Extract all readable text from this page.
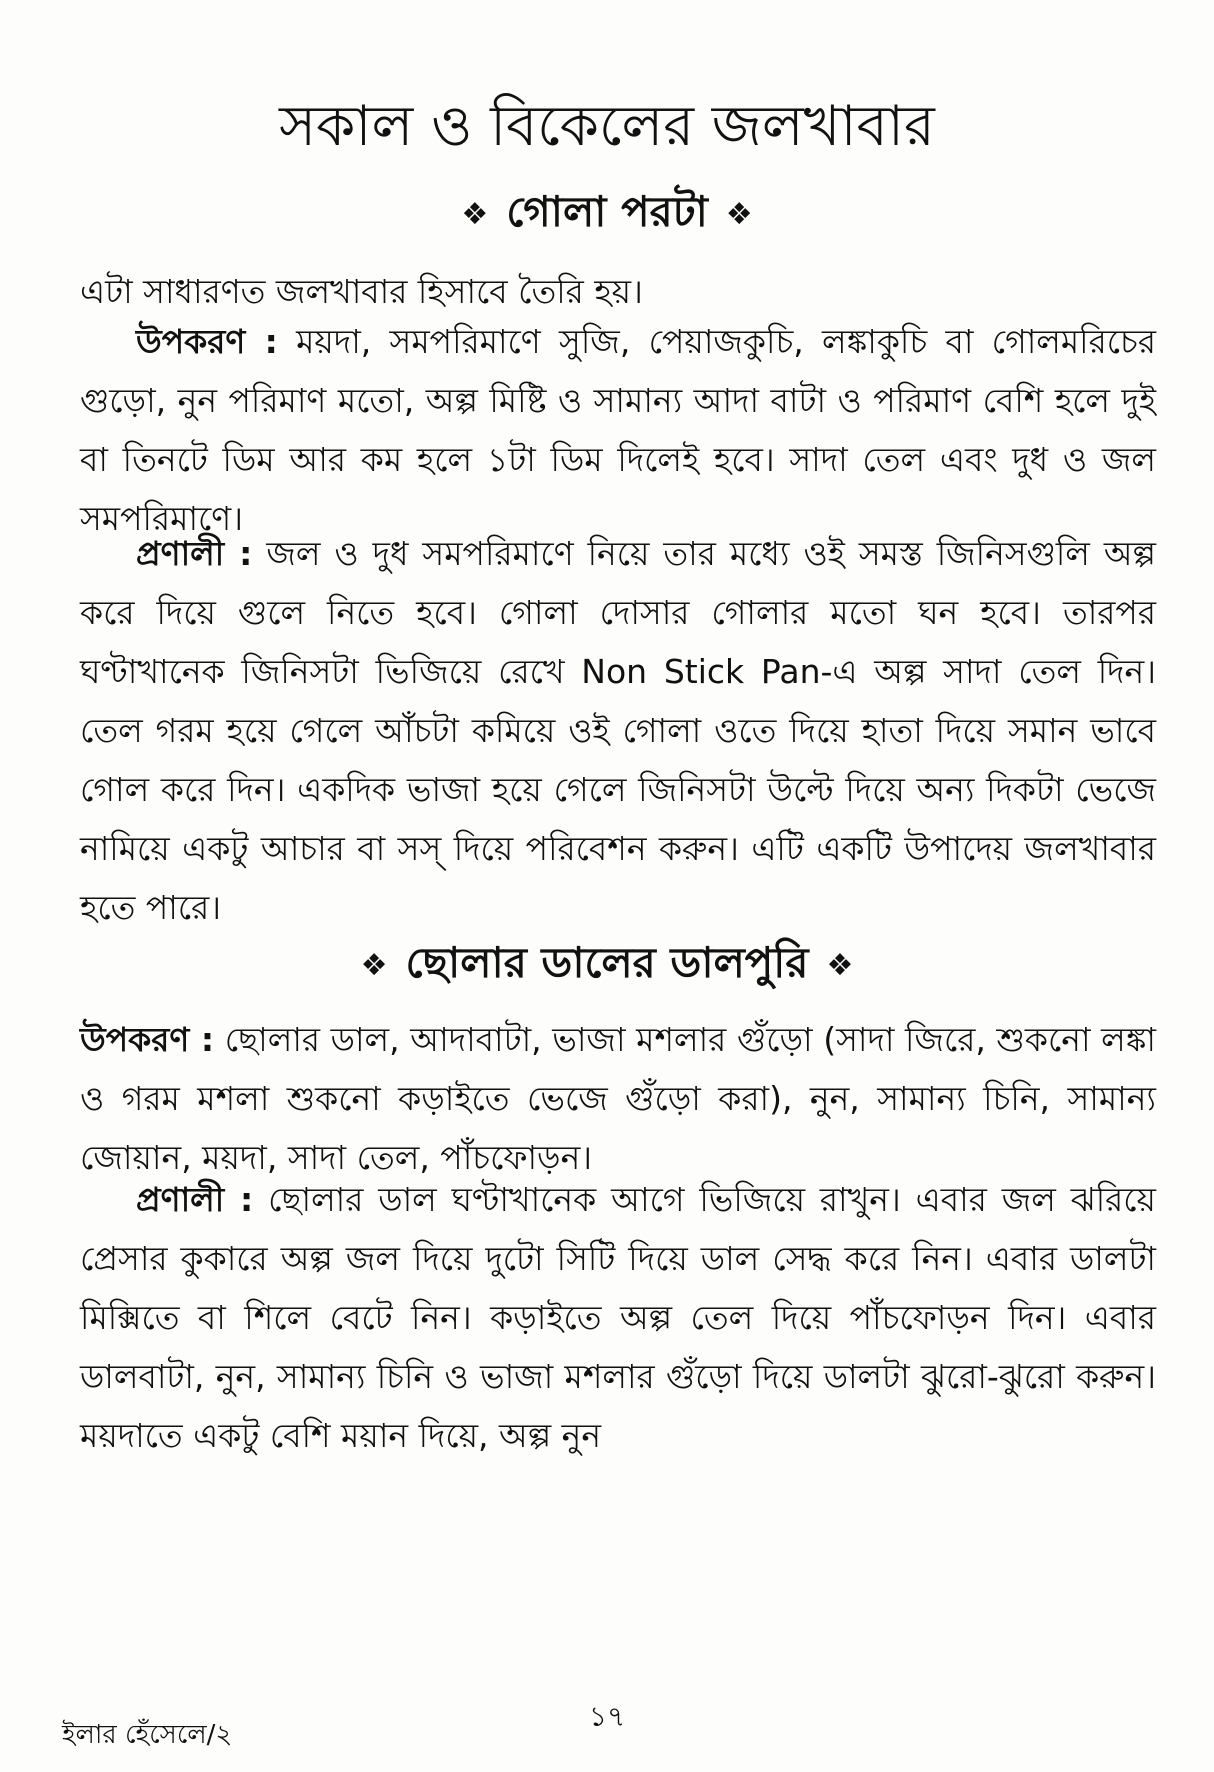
সকাল ও বিকেলের জলখাবার
❖ গোলা পরটা ❖

এটা সাধারণত জলখাবার হিসাবে তৈরি হয়।

উপকরণ : ময়দা, সমপরিমাণে সুজি, পেয়াজকুচি, লঙ্কাকুচি বা গোলমরিচের গুড়ো, নুন পরিমাণ মতো, অল্প মিষ্টি ও সামান্য আদা বাটা ও পরিমাণ বেশি হলে দুই বা তিনটে ডিম আর কম হলে ১টা ডিম দিলেই হবে। সাদা তেল এবং দুধ ও জল সমপরিমাণে।

প্রণালী : জল ও দুধ সমপরিমাণে নিয়ে তার মধ্যে ওই সমস্ত জিনিসগুলি অল্প করে দিয়ে গুলে নিতে হবে। গোলা দোসার গোলার মতো ঘন হবে। তারপর ঘণ্টাখানেক জিনিসটা ভিজিয়ে রেখে Non Stick Pan-এ অল্প সাদা তেল দিন। তেল গরম হয়ে গেলে আঁচটা কমিয়ে ওই গোলা ওতে দিয়ে হাতা দিয়ে সমান ভাবে গোল করে দিন। একদিক ভাজা হয়ে গেলে জিনিসটা উল্টে দিয়ে অন্য দিকটা ভেজে নামিয়ে একটু আচার বা সস্ দিয়ে পরিবেশন করুন। এটি একটি উপাদেয় জলখাবার হতে পারে।

❖ ছোলার ডালের ডালপুরি ❖

উপকরণ : ছোলার ডাল, আদাবাটা, ভাজা মশলার গুঁড়ো (সাদা জিরে, শুকনো লঙ্কা ও গরম মশলা শুকনো কড়াইতে ভেজে গুঁড়ো করা), নুন, সামান্য চিনি, সামান্য জোয়ান, ময়দা, সাদা তেল, পাঁচফোড়ন।

প্রণালী : ছোলার ডাল ঘণ্টাখানেক আগে ভিজিয়ে রাখুন। এবার জল ঝরিয়ে প্রেসার কুকারে অল্প জল দিয়ে দুটো সিটি দিয়ে ডাল সেদ্ধ করে নিন। এবার ডালটা মিক্সিতে বা শিলে বেটে নিন। কড়াইতে অল্প তেল দিয়ে পাঁচফোড়ন দিন। এবার ডালবাটা, নুন, সামান্য চিনি ও ভাজা মশলার গুঁড়ো দিয়ে ডালটা ঝুরো-ঝুরো করুন। ময়দাতে একটু বেশি ময়ান দিয়ে, অল্প নুন

১৭
ইলার হেঁসেলে/২
